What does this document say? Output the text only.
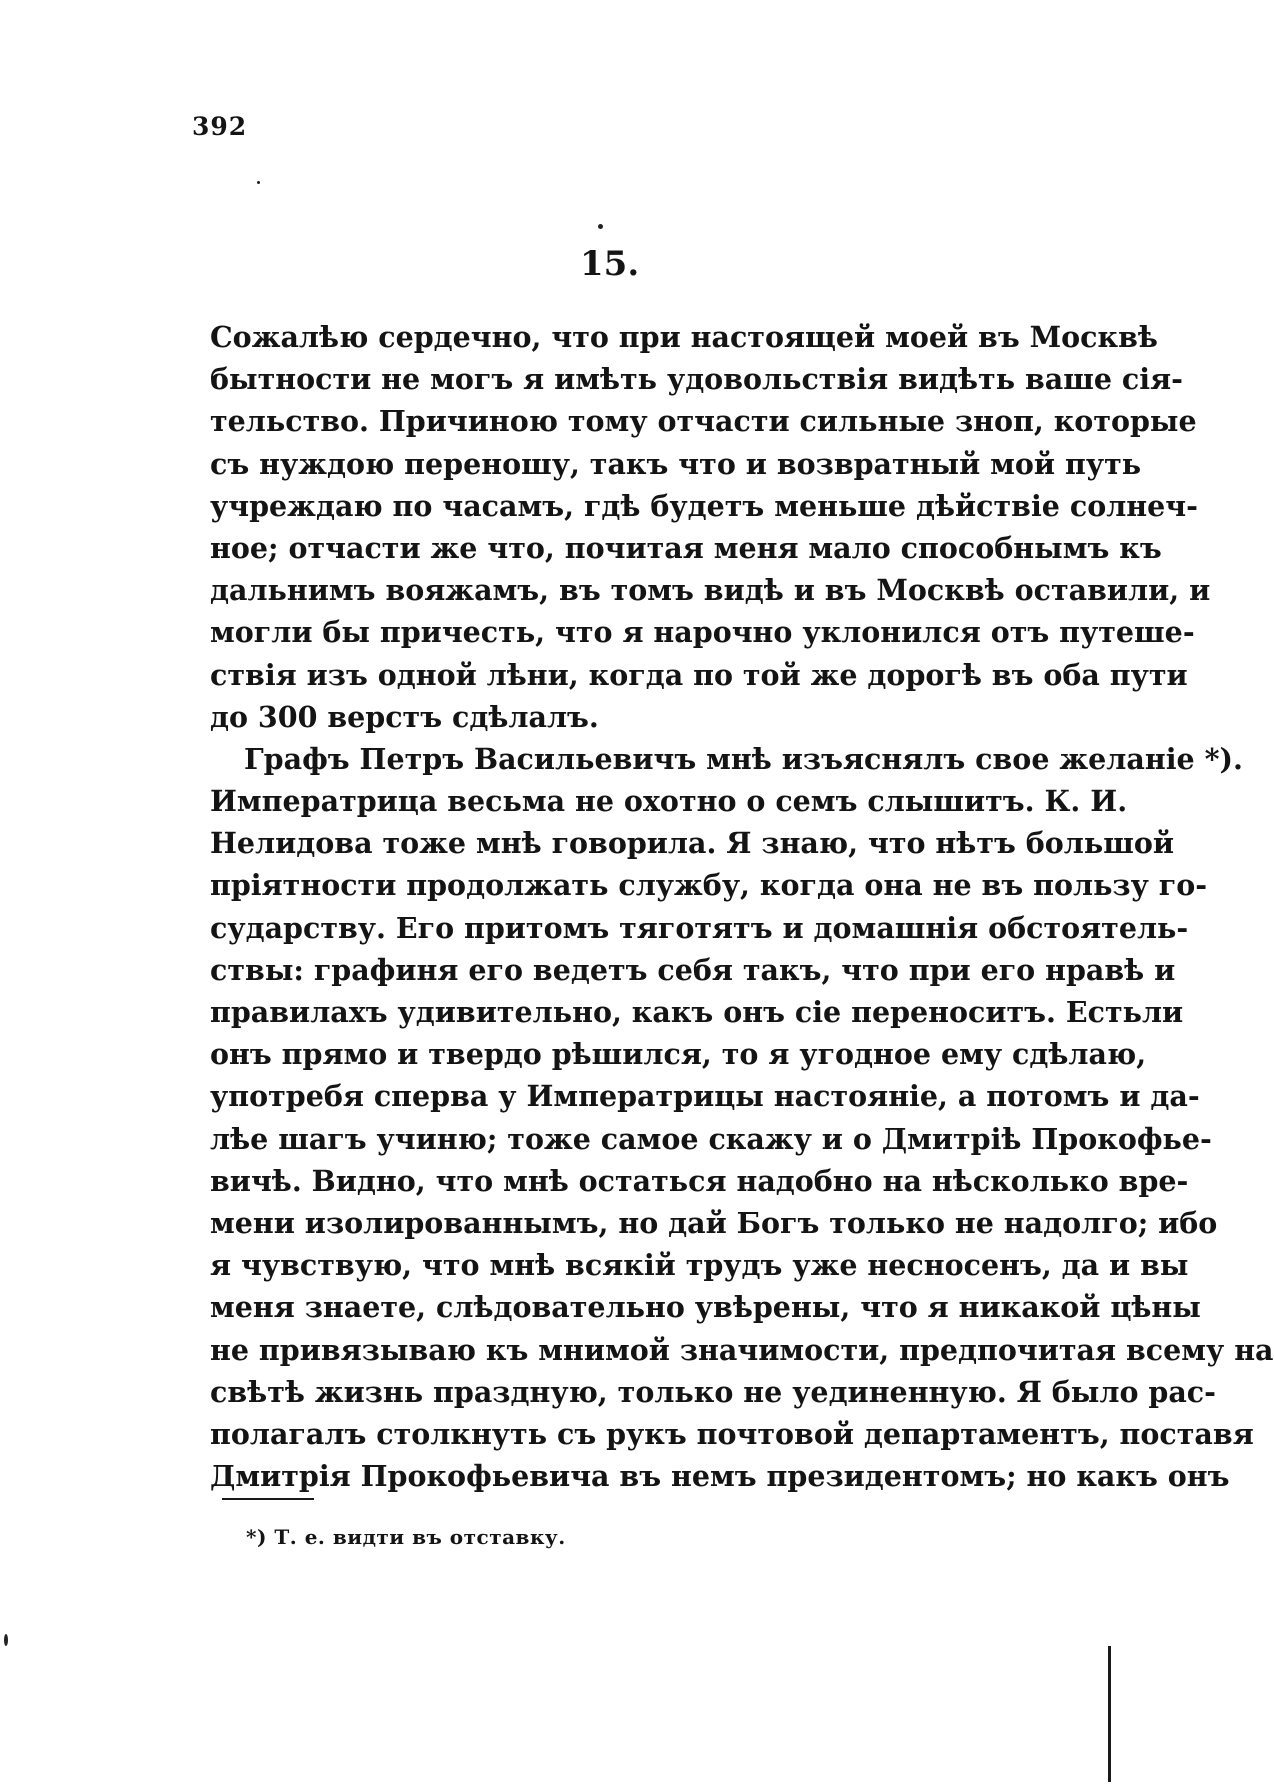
392
15.
Сожалѣю сердечно, что при настоящей моей въ Москвѣ
бытности не могъ я имѣть удовольствія видѣть ваше сія-
тельство. Причиною тому отчасти сильные зноп, которые
съ нуждою переношу, такъ что и возвратный мой путь
учреждаю по часамъ, гдѣ будетъ меньше дѣйствіе солнеч-
ное; отчасти же что, почитая меня мало способнымъ къ
дальнимъ вояжамъ, въ томъ видѣ и въ Москвѣ оставили, и
могли бы причесть, что я нарочно уклонился отъ путеше-
ствія изъ одной лѣни, когда по той же дорогѣ въ оба пути
до 300 верстъ сдѣлалъ.
Графъ Петръ Васильевичъ мнѣ изъяснялъ свое желаніе *).
Императрица весьма не охотно о семъ слышитъ. К. И.
Нелидова тоже мнѣ говорила. Я знаю, что нѣтъ большой
пріятности продолжать службу, когда она не въ пользу го-
сударству. Его притомъ тяготятъ и домашнія обстоятель-
ствы: графиня его ведетъ себя такъ, что при его нравѣ и
правилахъ удивительно, какъ онъ сіе переноситъ. Естьли
онъ прямо и твердо рѣшился, то я угодное ему сдѣлаю,
употребя сперва у Императрицы настояніе, а потомъ и да-
лѣе шагъ учиню; тоже самое скажу и о Дмитріѣ Прокофье-
вичѣ. Видно, что мнѣ остаться надобно на нѣсколько вре-
мени изолированнымъ, но дай Богъ только не надолго; ибо
я чувствую, что мнѣ всякій трудъ уже несносенъ, да и вы
меня знаете, слѣдовательно увѣрены, что я никакой цѣны
не привязываю къ мнимой значимости, предпочитая всему на
свѣтѣ жизнь праздную, только не уединенную. Я было рас-
полагалъ столкнуть съ рукъ почтовой департаментъ, поставя
Дмитрія Прокофьевича въ немъ президентомъ; но какъ онъ
*) Т. е. видти въ отставку.
